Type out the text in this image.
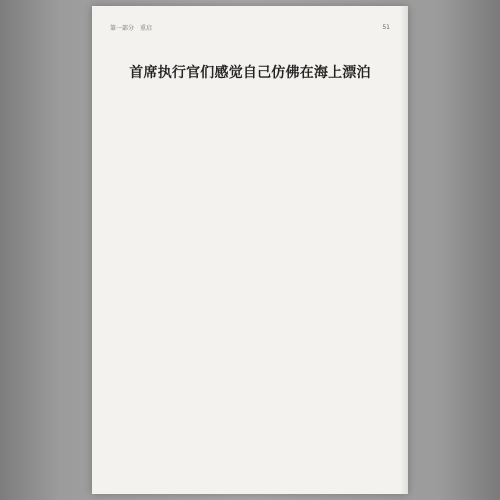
第一部分 重启	51
首席执行官们感觉自己仿佛在海上漂泊
